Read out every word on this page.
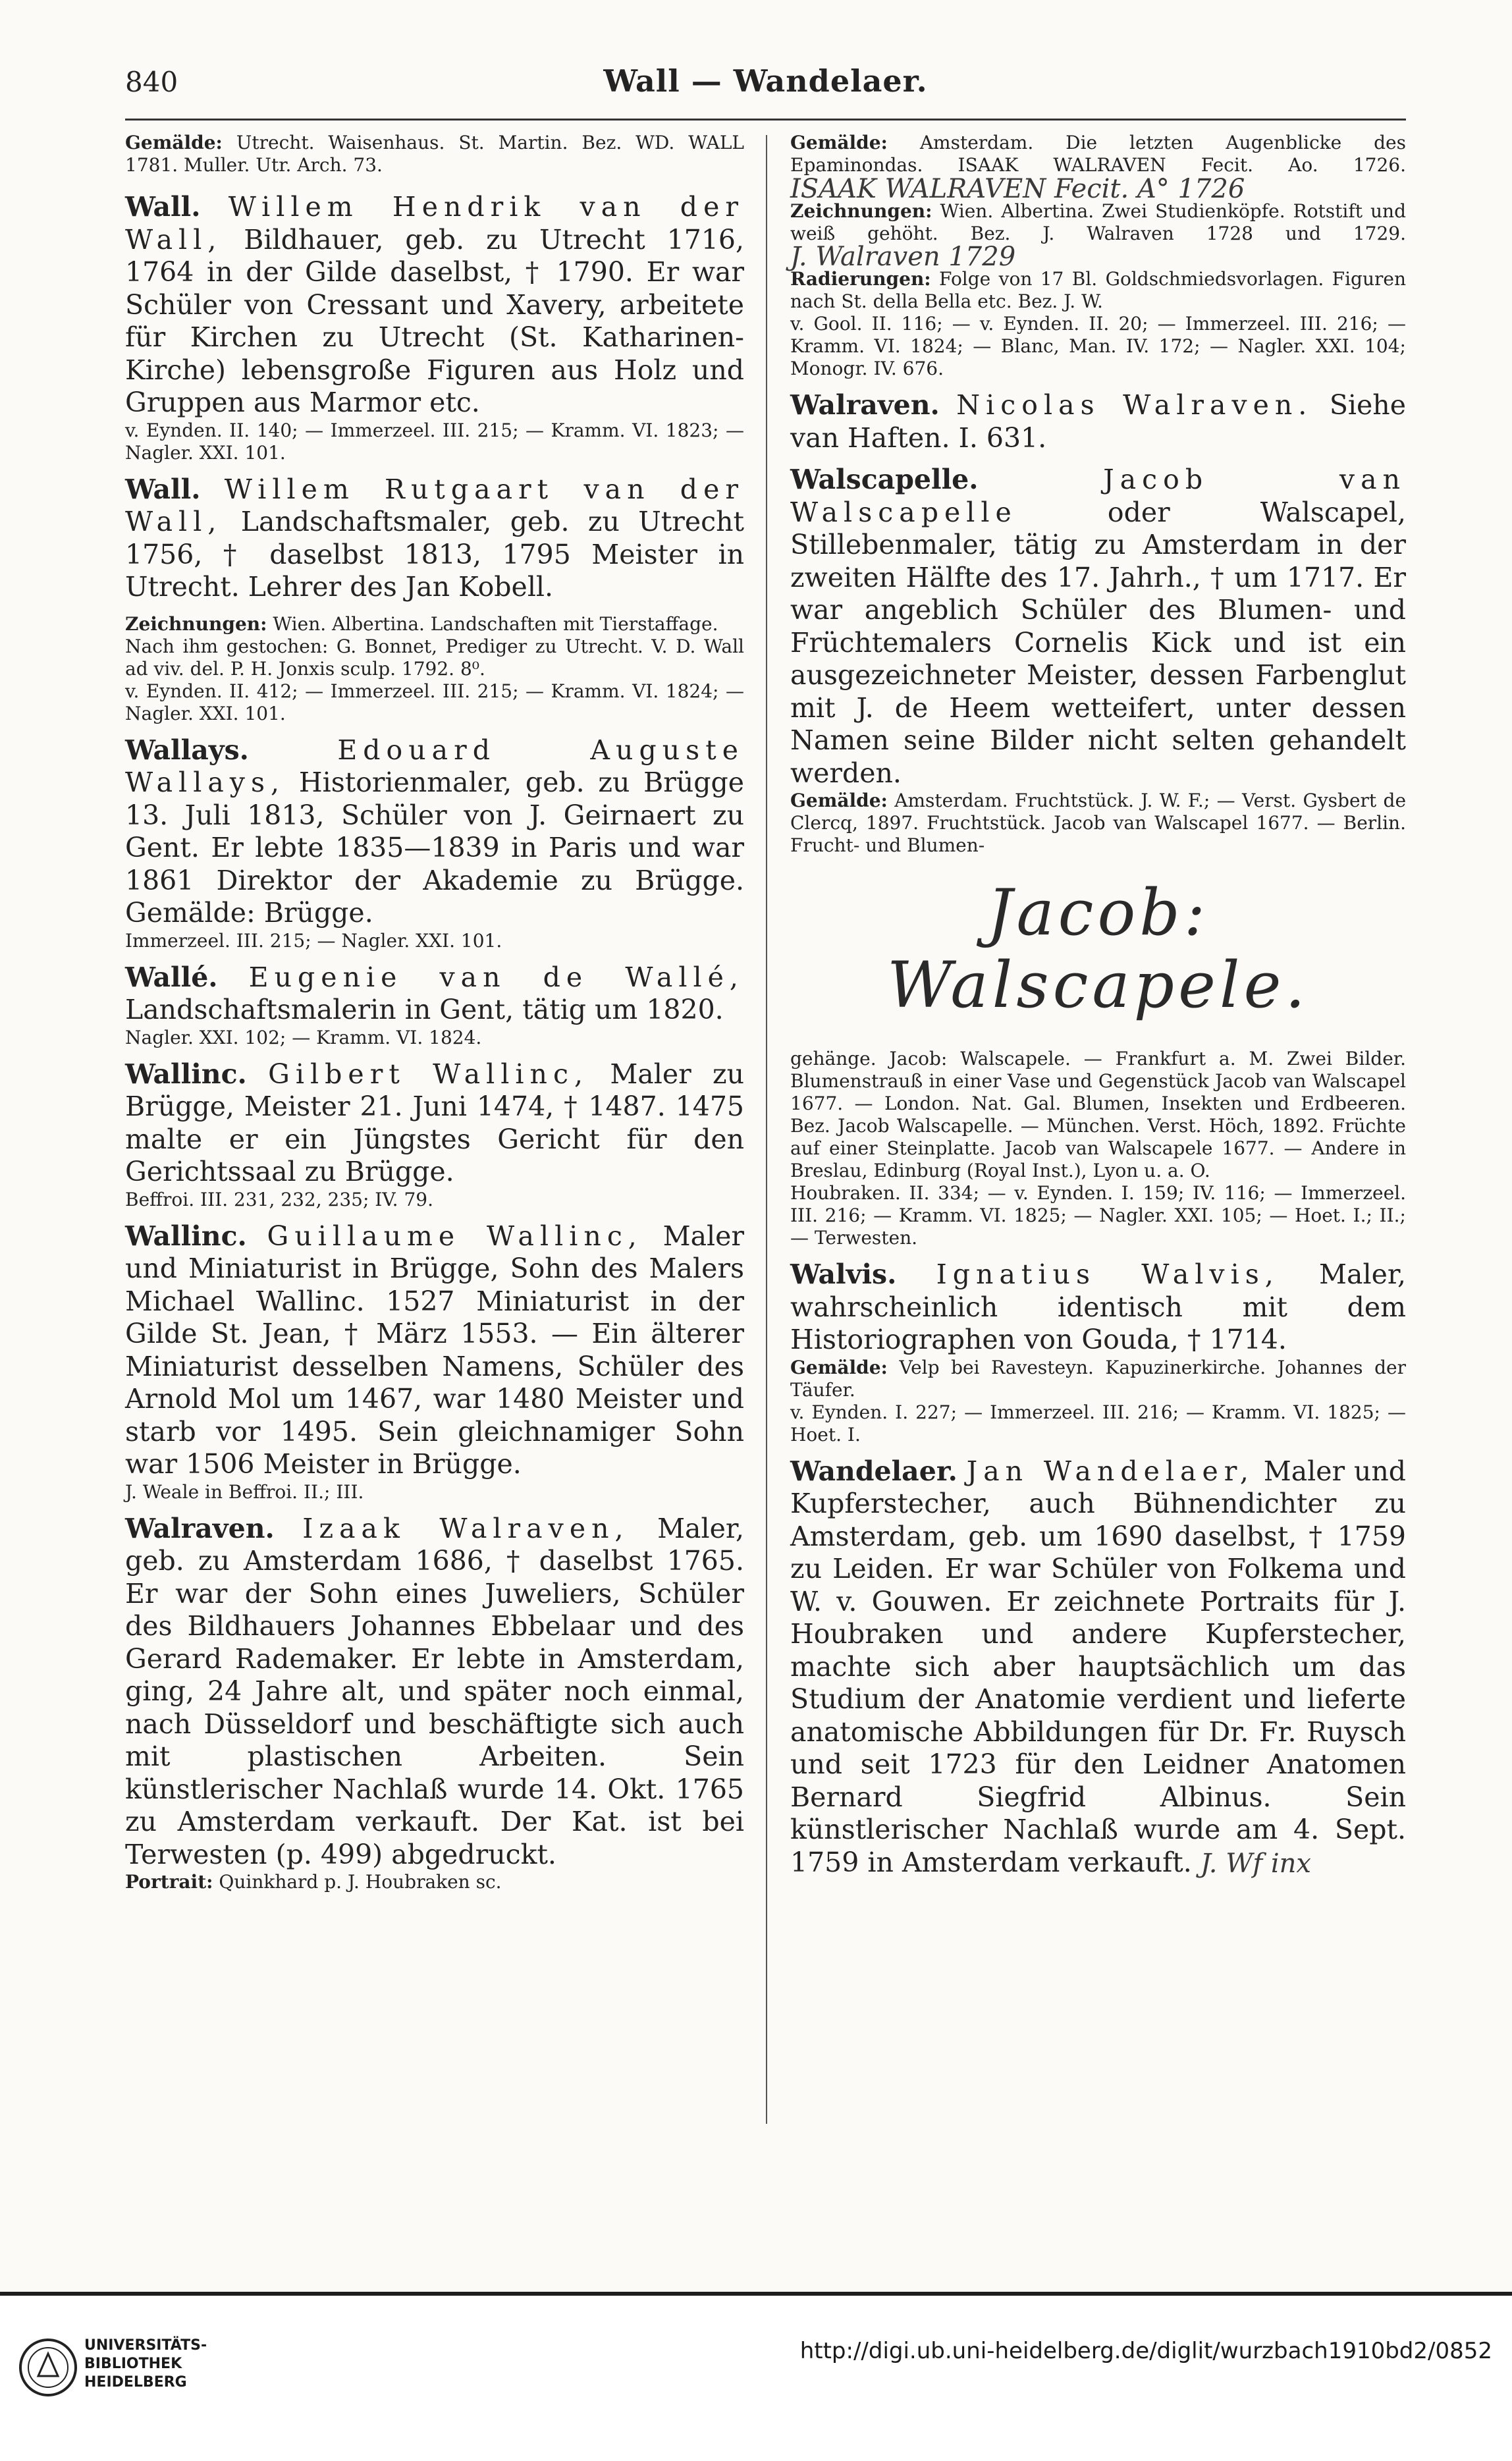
840	Wall — Wandelaer.

Gemälde: Utrecht. Waisenhaus. St. Martin. Bez. WD. WALL 1781. Muller. Utr. Arch. 73.

Wall. Willem Hendrik van der Wall, Bildhauer, geb. zu Utrecht 1716, 1764 in der Gilde daselbst, † 1790. Er war Schüler von Cressant und Xavery, arbeitete für Kirchen zu Utrecht (St. Katharinen-Kirche) lebensgroße Figuren aus Holz und Gruppen aus Marmor etc.

v. Eynden. II. 140; — Immerzeel. III. 215; — Kramm. VI. 1823; — Nagler. XXI. 101.

Wall. Willem Rutgaart van der Wall, Landschaftsmaler, geb. zu Utrecht 1756, † daselbst 1813, 1795 Meister in Utrecht. Lehrer des Jan Kobell.

Zeichnungen: Wien. Albertina. Landschaften mit Tierstaffage.

Nach ihm gestochen: G. Bonnet, Prediger zu Utrecht. V. D. Wall ad viv. del. P. H. Jonxis sculp. 1792. 8⁰.

v. Eynden. II. 412; — Immerzeel. III. 215; — Kramm. VI. 1824; — Nagler. XXI. 101.

Wallays.	Edouard Auguste Wallays, Historienmaler, geb. zu Brügge 13. Juli 1813, Schüler von J. Geirnaert zu Gent. Er lebte 1835—1839 in Paris und war 1861 Direktor der Akademie zu Brügge. Gemälde: Brügge.

Immerzeel. III. 215; — Nagler. XXI. 101.

Wallé. Eugenie van de Wallé, Landschaftsmalerin in Gent, tätig um 1820.

Nagler. XXI. 102; — Kramm. VI. 1824.

Wallinc. Gilbert Wallinc, Maler zu Brügge, Meister 21. Juni 1474, † 1487. 1475 malte er ein Jüngstes Gericht für den Gerichtssaal zu Brügge.

Beffroi. III. 231, 232, 235; IV. 79.

Wallinc. Guillaume Wallinc, Maler und Miniaturist in Brügge, Sohn des Malers Michael Wallinc. 1527 Miniaturist in der Gilde St. Jean, † März 1553. — Ein älterer Miniaturist desselben Namens, Schüler des Arnold Mol um 1467, war 1480 Meister und starb vor 1495. Sein gleichnamiger Sohn war 1506 Meister in Brügge.

J. Weale in Beffroi. II.; III.

Walraven. Izaak Walraven, Maler, geb. zu Amsterdam 1686, † daselbst 1765. Er war der Sohn eines Juweliers, Schüler des Bildhauers Johannes Ebbelaar und des Gerard Rademaker. Er lebte in Amsterdam, ging, 24 Jahre alt, und später noch einmal, nach Düsseldorf und beschäftigte sich auch mit plastischen Arbeiten. Sein künstlerischer Nachlaß wurde 14. Okt. 1765 zu Amsterdam verkauft. Der Kat. ist bei Terwesten (p. 499) abgedruckt.

Portrait: Quinkhard p. J. Houbraken sc.

Gemälde: Amsterdam. Die letzten Augenblicke des Epaminondas. ISAAK WALRAVEN Fecit. Ao. 1726. ISAAK WALRAVEN Fecit. A° 1726

Zeichnungen: Wien. Albertina. Zwei Studienköpfe. Rotstift und weiß gehöht. Bez. J. Walraven 1728 und 1729. J. Walraven 1729

Radierungen: Folge von 17 Bl. Goldschmiedsvorlagen. Figuren nach St. della Bella etc. Bez. J. W.

v. Gool. II. 116; — v. Eynden. II. 20; — Immerzeel. III. 216; — Kramm. VI. 1824; — Blanc, Man. IV. 172; — Nagler. XXI. 104; Monogr. IV. 676.

Walraven. Nicolas Walraven. Siehe van Haften. I. 631.

Walscapelle.	Jacob van Walscapelle	oder Walscapel, Stillebenmaler, tätig zu Amsterdam in der zweiten Hälfte des 17. Jahrh., † um 1717. Er war angeblich Schüler des Blumen- und Früchtemalers Cornelis Kick und ist ein ausgezeichneter Meister, dessen Farbenglut mit J. de Heem wetteifert, unter dessen Namen seine Bilder nicht selten gehandelt werden.

Gemälde: Amsterdam. Fruchtstück. J. W. F.; — Verst. Gysbert de Clercq, 1897. Fruchtstück. Jacob van Walscapel 1677. — Berlin. Frucht- und Blumen-

Jacob: Walscapele.

gehänge. Jacob: Walscapele. — Frankfurt a. M. Zwei Bilder. Blumenstrauß in einer Vase und Gegenstück Jacob van Walscapel 1677. — London. Nat. Gal. Blumen, Insekten und Erdbeeren. Bez. Jacob Walscapelle. — München. Verst. Höch, 1892. Früchte auf einer Steinplatte. Jacob van Walscapele 1677. — Andere in Breslau, Edinburg (Royal Inst.), Lyon u. a. O.

Houbraken. II. 334; — v. Eynden. I. 159; IV. 116; — Immerzeel. III. 216; — Kramm. VI. 1825; — Nagler. XXI. 105; — Hoet. I.; II.; — Terwesten.

Walvis. Ignatius Walvis, Maler, wahrscheinlich identisch mit dem Historiographen von Gouda, † 1714.

Gemälde: Velp bei Ravesteyn. Kapuzinerkirche. Johannes der Täufer.

v. Eynden. I. 227; — Immerzeel. III. 216; — Kramm. VI. 1825; — Hoet. I.

Wandelaer. Jan Wandelaer, Maler und Kupferstecher, auch Bühnendichter zu Amsterdam, geb. um 1690 daselbst, † 1759 zu Leiden. Er war Schüler von Folkema und W. v. Gouwen. Er zeichnete Portraits für J. Houbraken und andere Kupferstecher, machte sich aber hauptsächlich um das Studium der Anatomie verdient und lieferte anatomische Abbildungen für Dr. Fr. Ruysch und seit 1723 für den Leidner Anatomen Bernard Siegfrid Albinus. Sein künstlerischer Nachlaß wurde am 4. Sept. 1759 in Amsterdam verkauft. J. Wf inx

UNIVERSITÄTS-
BIBLIOTHEK
HEIDELBERG
http://digi.ub.uni-heidelberg.de/diglit/wurzbach1910bd2/0852
